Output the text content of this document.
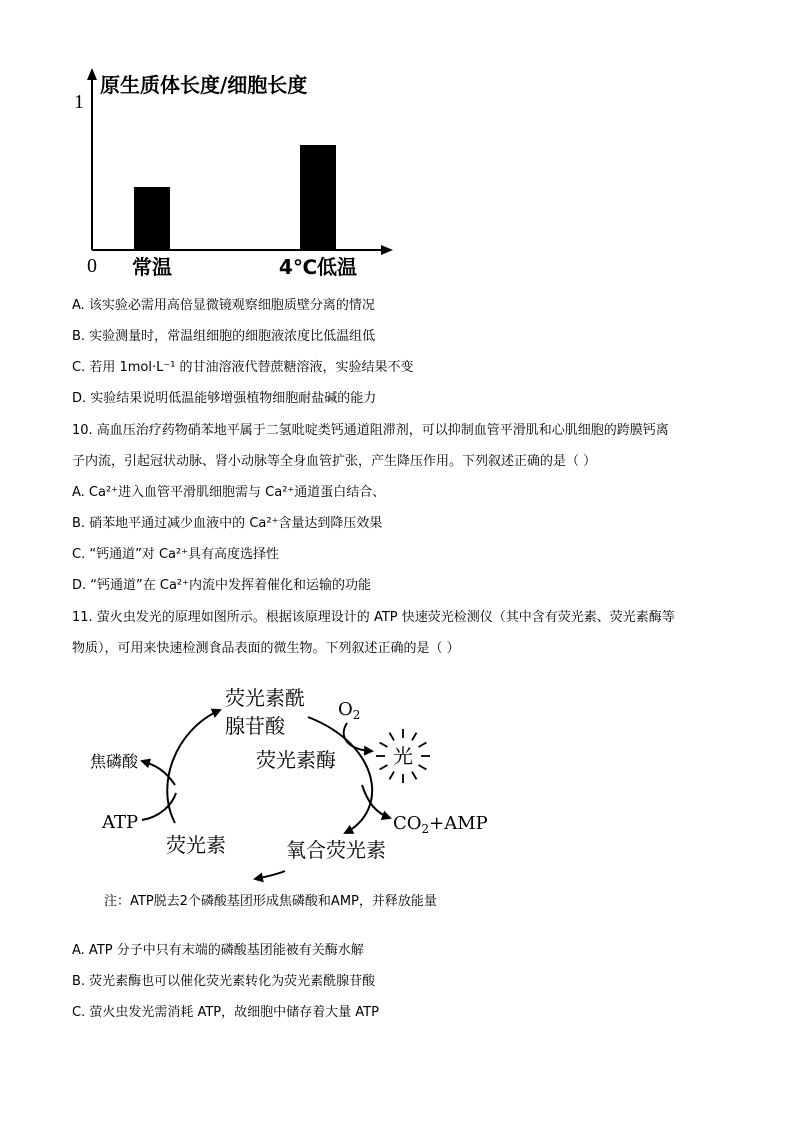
原生质体长度/细胞长度
1
0 常温	4℃低温
A. 该实验必需用高倍显微镜观察细胞质壁分离的情况
B. 实验测量时，常温组细胞的细胞液浓度比低温组低
C. 若用 1mol·L⁻¹ 的甘油溶液代替蔗糖溶液，实验结果不变
D. 实验结果说明低温能够增强植物细胞耐盐碱的能力
10. 高血压治疗药物硝苯地平属于二氢吡啶类钙通道阻滞剂，可以抑制血管平滑肌和心肌细胞的跨膜钙离
子内流，引起冠状动脉、肾小动脉等全身血管扩张，产生降压作用。下列叙述正确的是（ ）
A. Ca²⁺进入血管平滑肌细胞需与 Ca²⁺通道蛋白结合、
B. 硝苯地平通过减少血液中的 Ca²⁺含量达到降压效果
C. “钙通道”对 Ca²⁺具有高度选择性
D. “钙通道”在 Ca²⁺内流中发挥着催化和运输的功能
11. 萤火虫发光的原理如图所示。根据该原理设计的 ATP 快速荧光检测仪（其中含有荧光素、荧光素酶等
物质），可用来快速检测食品表面的微生物。下列叙述正确的是（ ）
荧光素酰
腺苷酸
$O_2$
荧光素酶
焦磷酸
ATP	$CO_2+AMP$
荧光素	氧合荧光素
光
注：ATP脱去2个磷酸基团形成焦磷酸和AMP，并释放能量
A. ATP 分子中只有末端的磷酸基团能被有关酶水解
B. 荧光素酶也可以催化荧光素转化为荧光素酰腺苷酸
C. 萤火虫发光需消耗 ATP，故细胞中储存着大量 ATP
